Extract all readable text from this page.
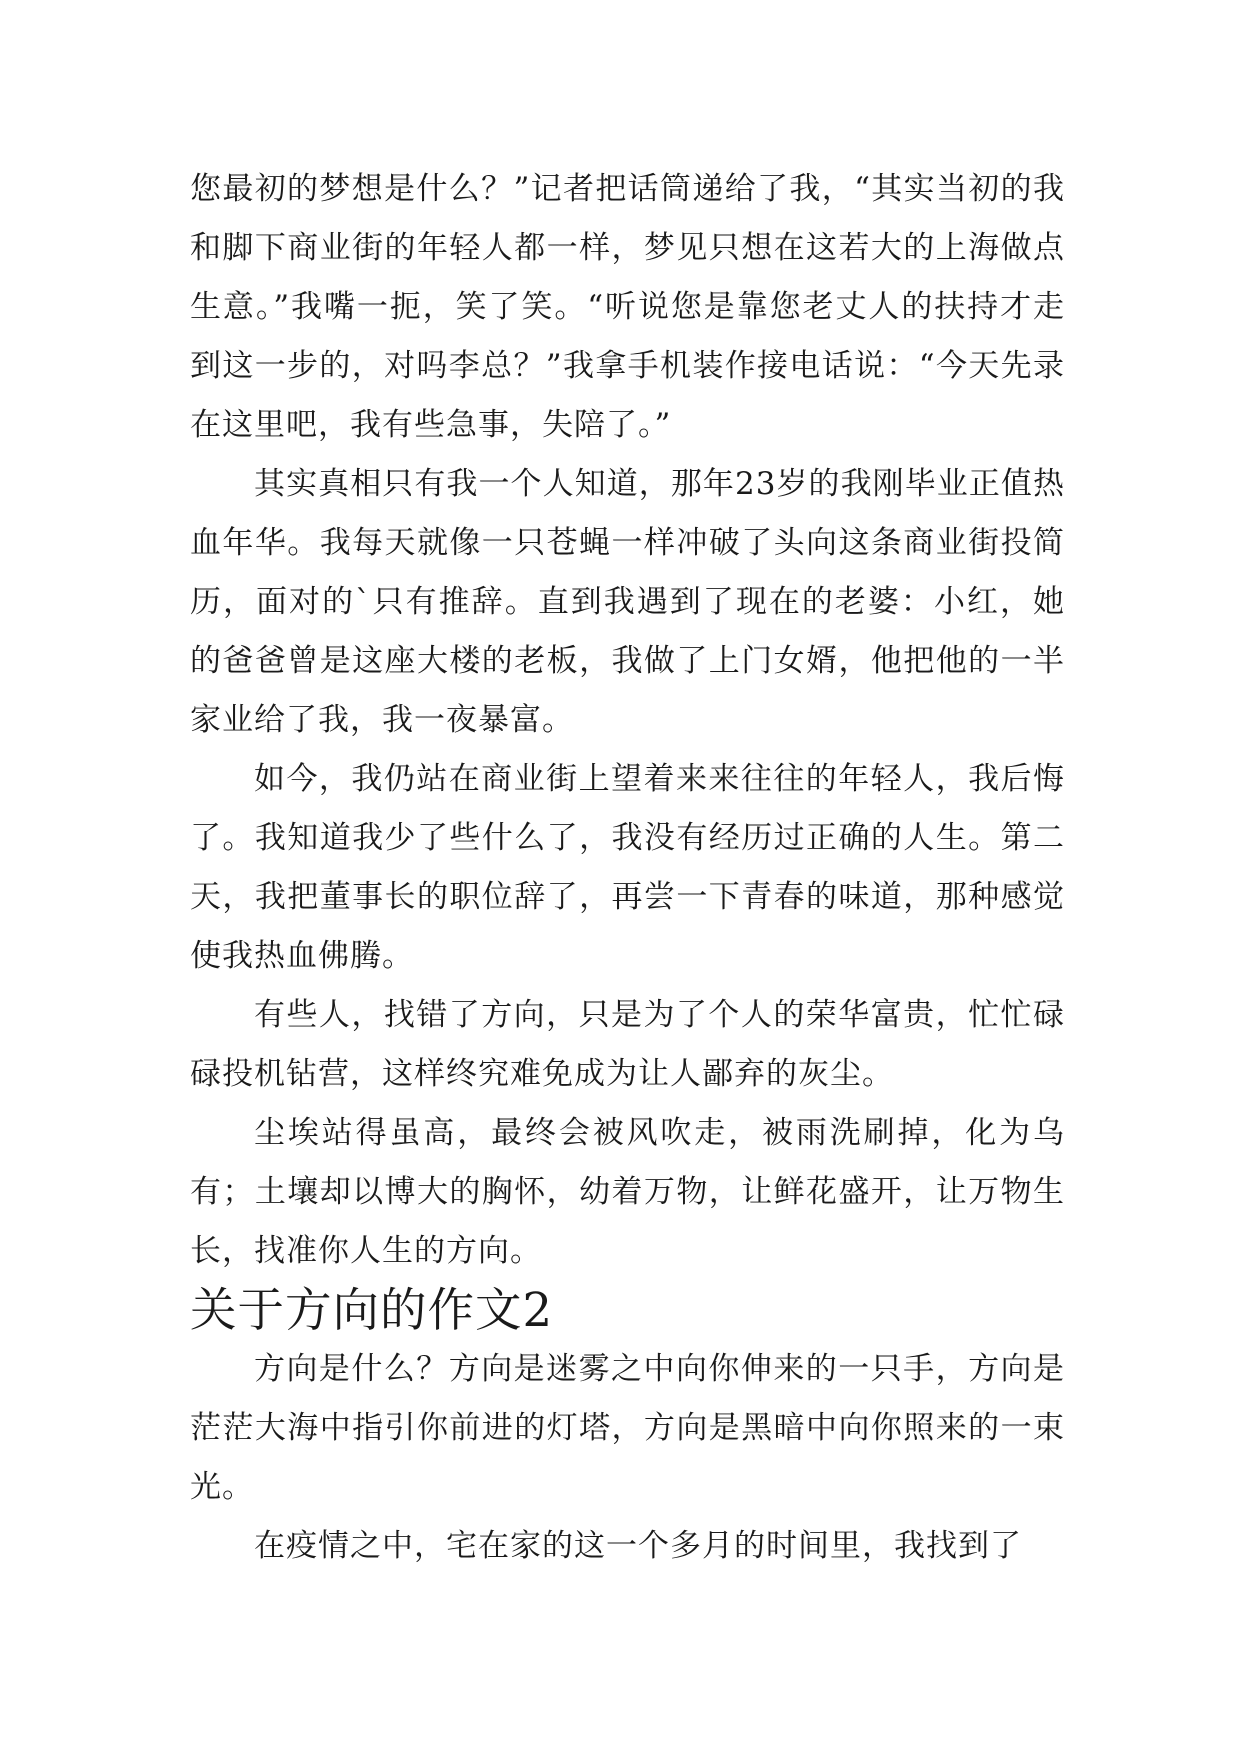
您最初的梦想是什么？”记者把话筒递给了我，“其实当初的我和脚下商业街的年轻人都一样，梦见只想在这若大的上海做点生意。”我嘴一扼，笑了笑。“听说您是靠您老丈人的扶持才走到这一步的，对吗李总？”我拿手机装作接电话说：“今天先录在这里吧，我有些急事，失陪了。”

其实真相只有我一个人知道，那年23岁的我刚毕业正值热血年华。我每天就像一只苍蝇一样冲破了头向这条商业街投简历，面对的`只有推辞。直到我遇到了现在的老婆：小红，她的爸爸曾是这座大楼的老板，我做了上门女婿，他把他的一半家业给了我，我一夜暴富。

如今，我仍站在商业街上望着来来往往的年轻人，我后悔了。我知道我少了些什么了，我没有经历过正确的人生。第二天，我把董事长的职位辞了，再尝一下青春的味道，那种感觉使我热血佛腾。

有些人，找错了方向，只是为了个人的荣华富贵，忙忙碌碌投机钻营，这样终究难免成为让人鄙弃的灰尘。

尘埃站得虽高，最终会被风吹走，被雨洗刷掉，化为乌有；土壤却以博大的胸怀，幼着万物，让鲜花盛开，让万物生长，找准你人生的方向。

关于方向的作文2

方向是什么？方向是迷雾之中向你伸来的一只手，方向是茫茫大海中指引你前进的灯塔，方向是黑暗中向你照来的一束光。

在疫情之中，宅在家的这一个多月的时间里，我找到了
